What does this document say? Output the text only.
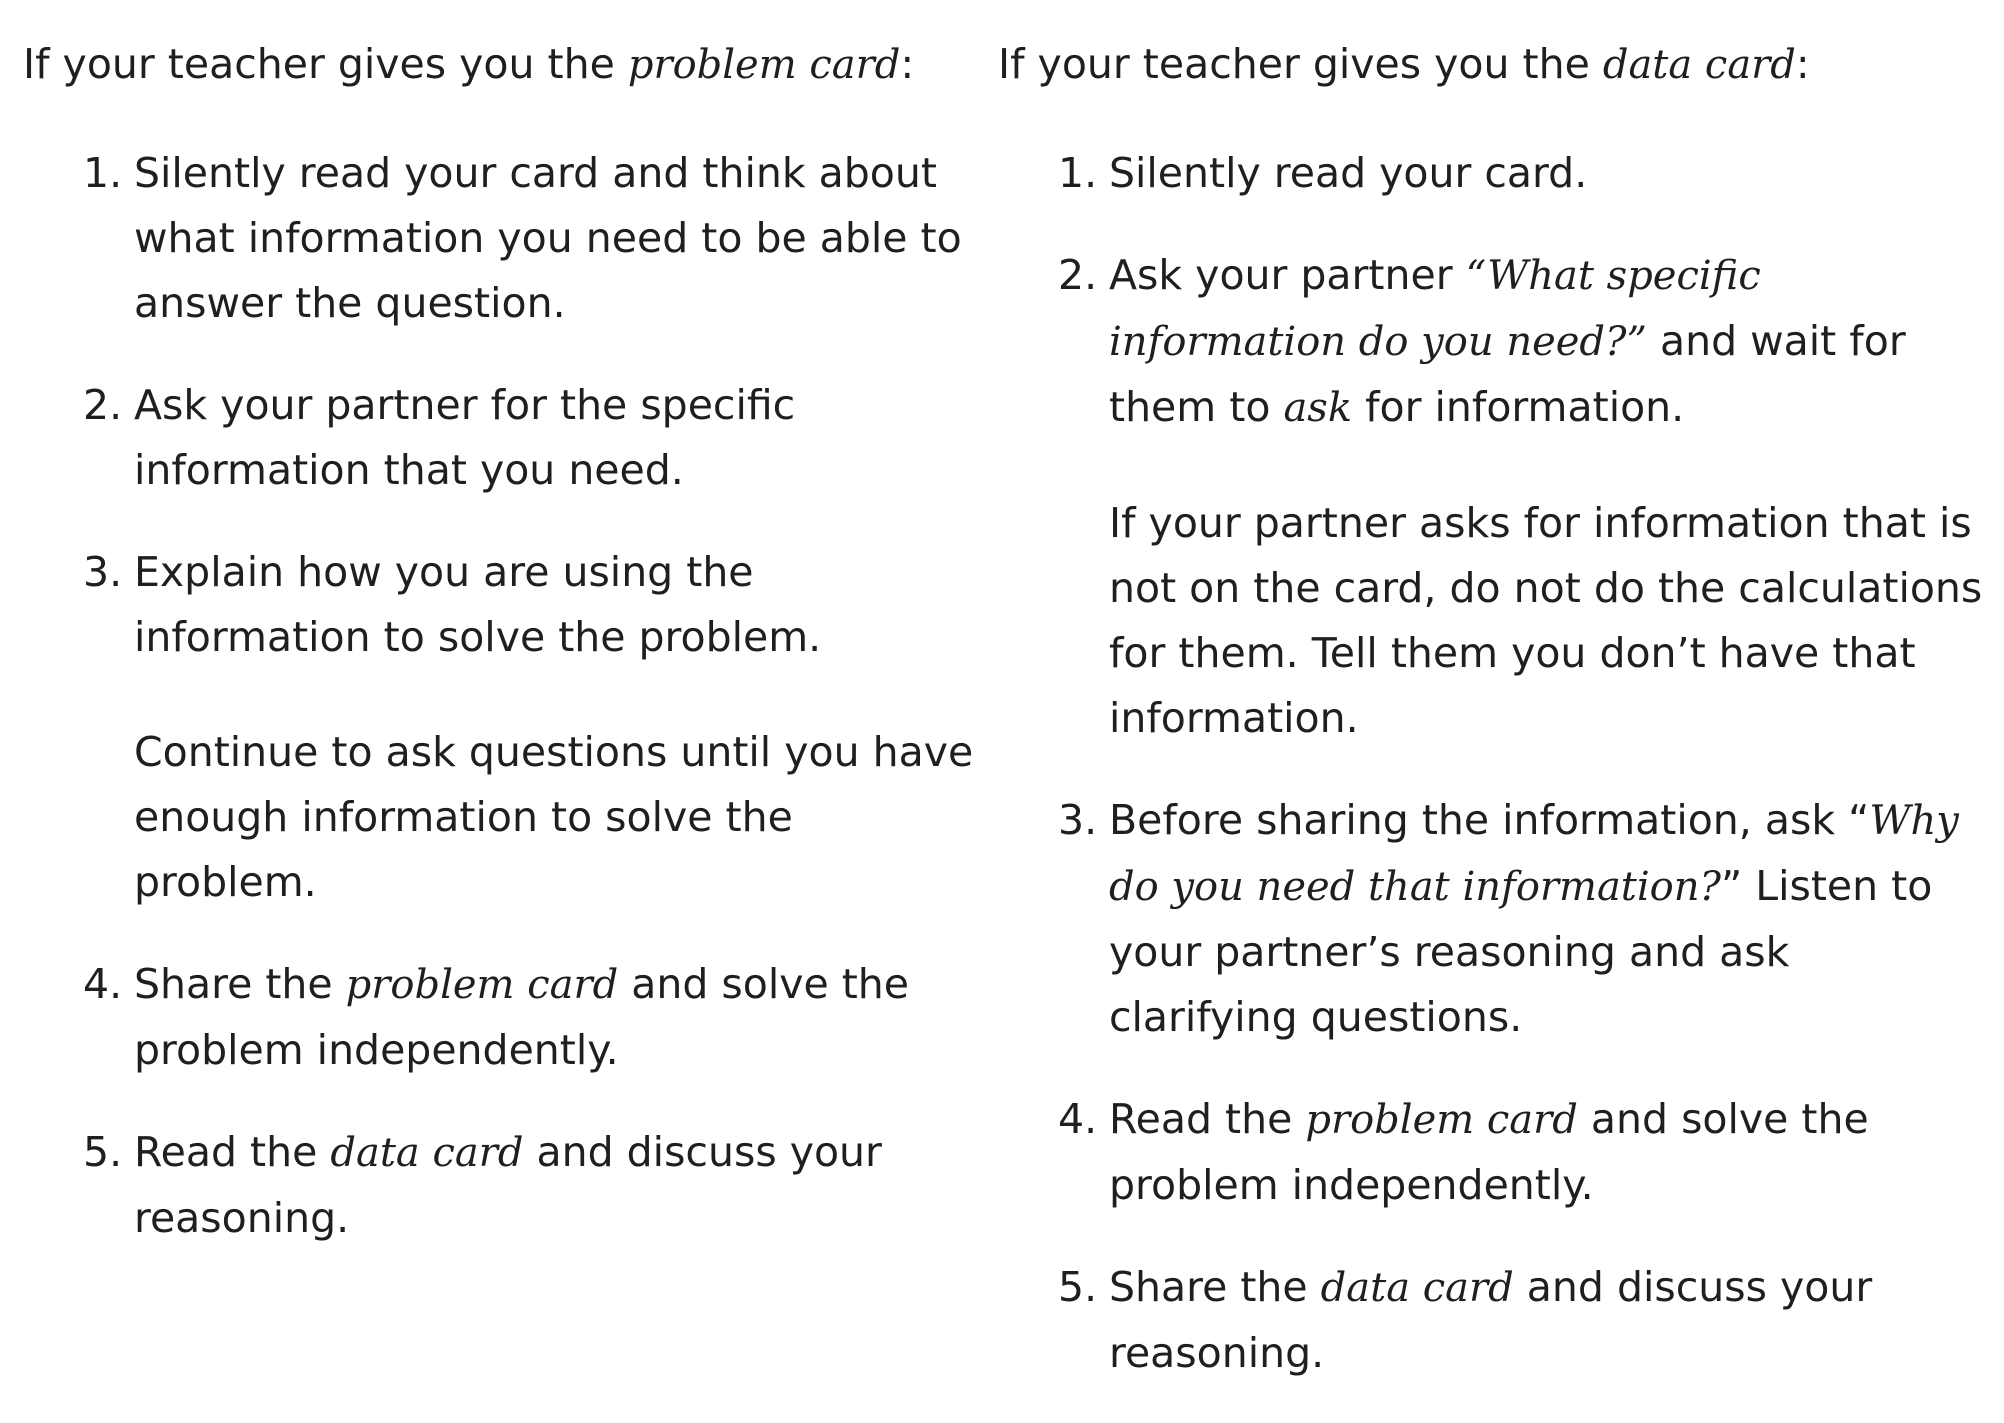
If your teacher gives you the problem card:
1. Silently read your card and think about what information you need to be able to answer the question.

2. Ask your partner for the specific information that you need.

3. Explain how you are using the information to solve the problem.

Continue to ask questions until you have enough information to solve the problem.

4. Share the problem card and solve the problem independently.

5. Read the data card and discuss your reasoning.

If your teacher gives you the data card:
1. Silently read your card.

2. Ask your partner “What specific information do you need?” and wait for them to ask for information.

If your partner asks for information that is not on the card, do not do the calculations for them. Tell them you don’t have that information.

3. Before sharing the information, ask “Why do you need that information?” Listen to your partner’s reasoning and ask clarifying questions.

4. Read the problem card and solve the problem independently.

5. Share the data card and discuss your reasoning.
